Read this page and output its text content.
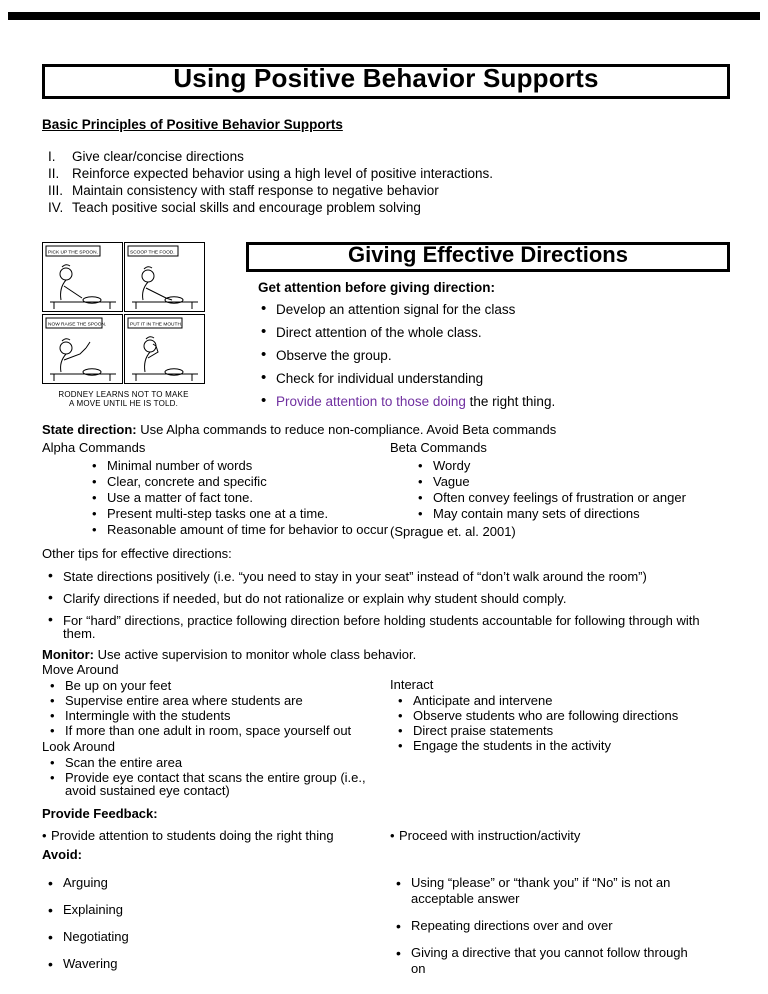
Using Positive Behavior Supports
Basic Principles of Positive Behavior Supports
I.	Give clear/concise directions
II. Reinforce expected behavior using a high level of positive interactions.
III. Maintain consistency with staff response to negative behavior
IV. Teach positive social skills and encourage problem solving
PICK UP THE SPOON.	SCOOP THE FOOD.
NOW RAISE THE SPOON.	PUT IT IN THE MOUTH.
RODNEY LEARNS NOT TO MAKE
A MOVE UNTIL HE IS TOLD.
Giving Effective Directions
Get attention before giving direction:
• Develop an attention signal for the class
• Direct attention of the whole class.
• Observe the group.
• Check for individual understanding
• Provide attention to those doing the right thing.
State direction: Use Alpha commands to reduce non-compliance. Avoid Beta commands
Alpha Commands
• Minimal number of words
• Clear, concrete and specific
• Use a matter of fact tone.
• Present multi-step tasks one at a time.
• Reasonable amount of time for behavior to occur
Beta Commands
• Wordy
• Vague
• Often convey feelings of frustration or anger
• May contain many sets of directions
(Sprague et. al. 2001)
Other tips for effective directions:
• State directions positively (i.e. “you need to stay in your seat” instead of “don’t walk around the room”)
• Clarify directions if needed, but do not rationalize or explain why student should comply.
• For “hard” directions, practice following direction before holding students accountable for following through with them.
Monitor: Use active supervision to monitor whole class behavior.
Move Around
• Be up on your feet
• Supervise entire area where students are
• Intermingle with the students
• If more than one adult in room, space yourself out
Look Around
• Scan the entire area
• Provide eye contact that scans the entire group (i.e., avoid sustained eye contact)
Interact
• Anticipate and intervene
• Observe students who are following directions
• Direct praise statements
• Engage the students in the activity
Provide Feedback:
• Provide attention to students doing the right thing	• Proceed with instruction/activity
Avoid:
• Arguing
• Explaining
• Negotiating
• Wavering
• Using “please” or “thank you” if “No” is not an acceptable answer
• Repeating directions over and over
• Giving a directive that you cannot follow through on
